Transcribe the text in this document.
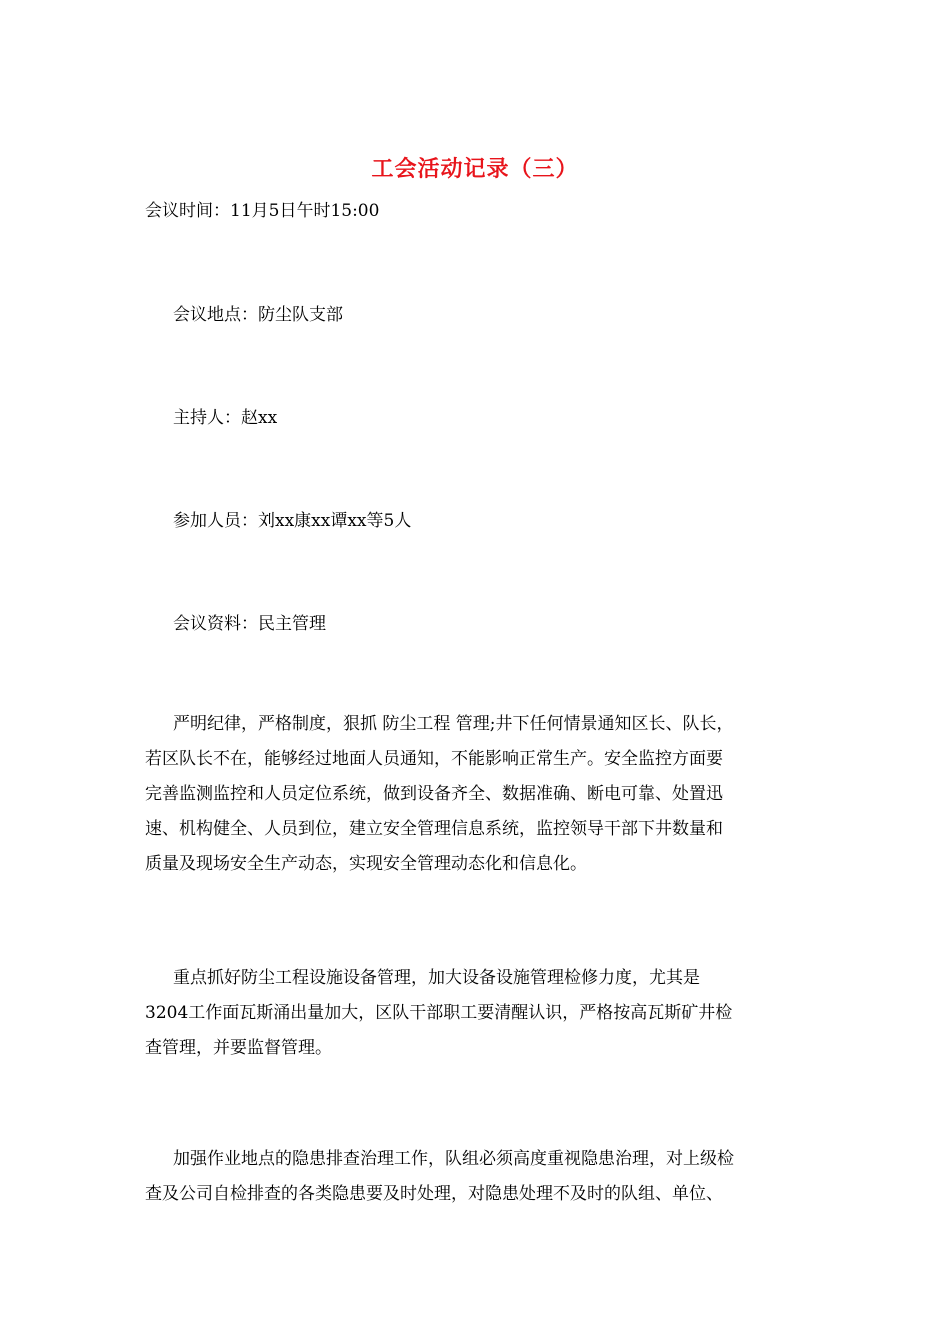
工会活动记录（三）
会议时间：11月5日午时15:00
会议地点：防尘队支部
主持人：赵xx
参加人员：刘xx康xx谭xx等5人
会议资料：民主管理
严明纪律，严格制度，狠抓 防尘工程 管理;井下任何情景通知区长、队长，
若区队长不在，能够经过地面人员通知，不能影响正常生产。安全监控方面要
完善监测监控和人员定位系统，做到设备齐全、数据准确、断电可靠、处置迅
速、机构健全、人员到位，建立安全管理信息系统，监控领导干部下井数量和
质量及现场安全生产动态，实现安全管理动态化和信息化。
重点抓好防尘工程设施设备管理，加大设备设施管理检修力度，尤其是
3204工作面瓦斯涌出量加大，区队干部职工要清醒认识，严格按高瓦斯矿井检
查管理，并要监督管理。
加强作业地点的隐患排查治理工作，队组必须高度重视隐患治理，对上级检
查及公司自检排查的各类隐患要及时处理，对隐患处理不及时的队组、单位、
